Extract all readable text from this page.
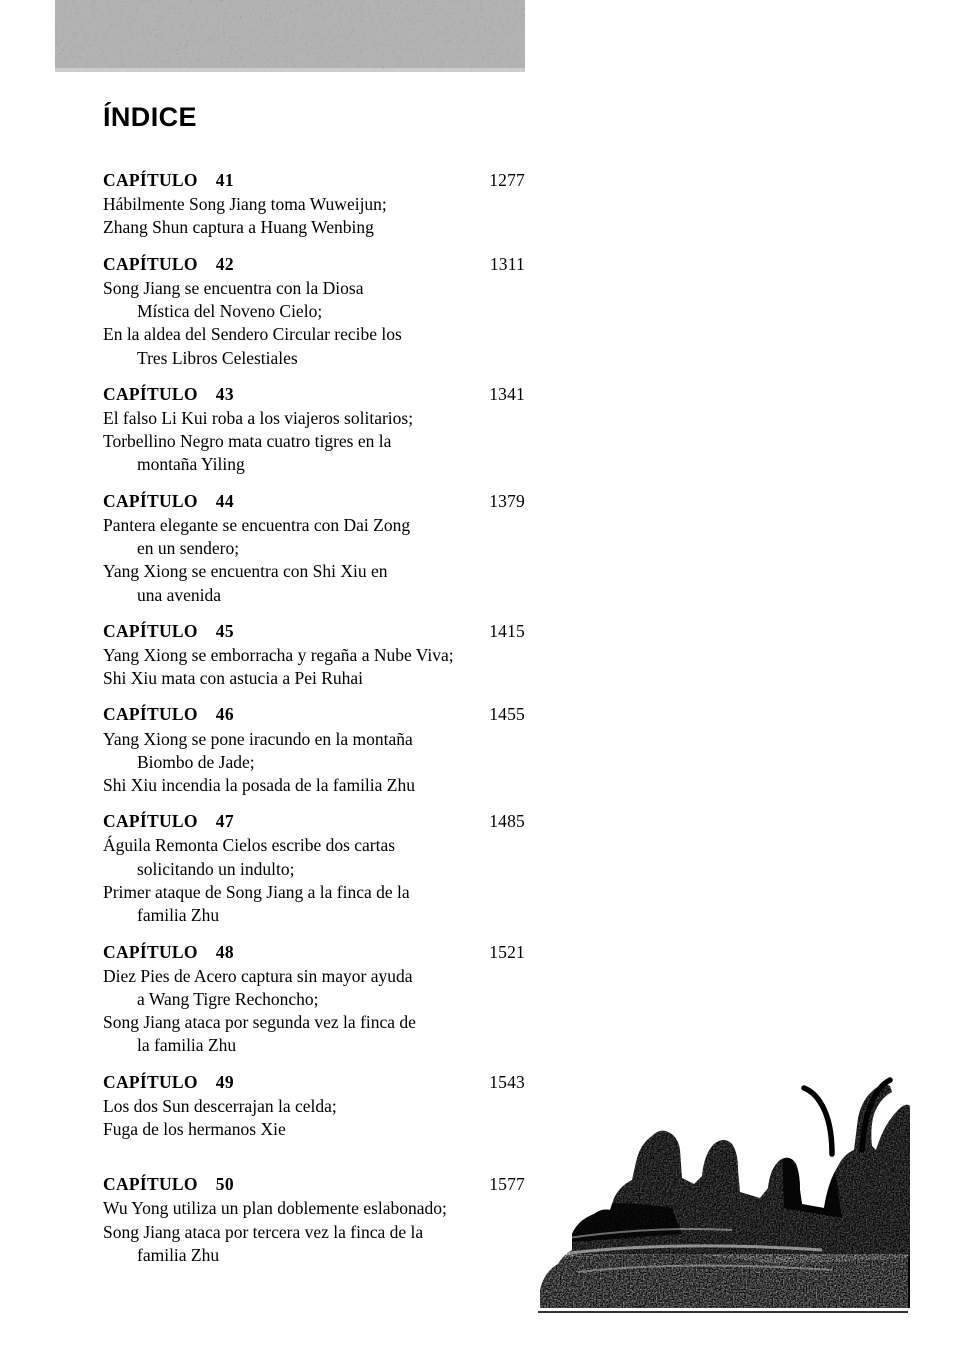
ÍNDICE
CAPÍTULO 41	1277
Hábilmente Song Jiang toma Wuweijun;
Zhang Shun captura a Huang Wenbing
CAPÍTULO 42	1311
Song Jiang se encuentra con la Diosa
Mística del Noveno Cielo;
En la aldea del Sendero Circular recibe los
Tres Libros Celestiales
CAPÍTULO 43	1341
El falso Li Kui roba a los viajeros solitarios;
Torbellino Negro mata cuatro tigres en la
montaña Yiling
CAPÍTULO 44	1379
Pantera elegante se encuentra con Dai Zong
en un sendero;
Yang Xiong se encuentra con Shi Xiu en
una avenida
CAPÍTULO 45	1415
Yang Xiong se emborracha y regaña a Nube Viva;
Shi Xiu mata con astucia a Pei Ruhai
CAPÍTULO 46	1455
Yang Xiong se pone iracundo en la montaña
Biombo de Jade;
Shi Xiu incendia la posada de la familia Zhu
CAPÍTULO 47	1485
Águila Remonta Cielos escribe dos cartas
solicitando un indulto;
Primer ataque de Song Jiang a la finca de la
familia Zhu
CAPÍTULO 48	1521
Diez Pies de Acero captura sin mayor ayuda
a Wang Tigre Rechoncho;
Song Jiang ataca por segunda vez la finca de
la familia Zhu
CAPÍTULO 49	1543
Los dos Sun descerrajan la celda;
Fuga de los hermanos Xie
CAPÍTULO 50	1577
Wu Yong utiliza un plan doblemente eslabonado;
Song Jiang ataca por tercera vez la finca de la
familia Zhu
